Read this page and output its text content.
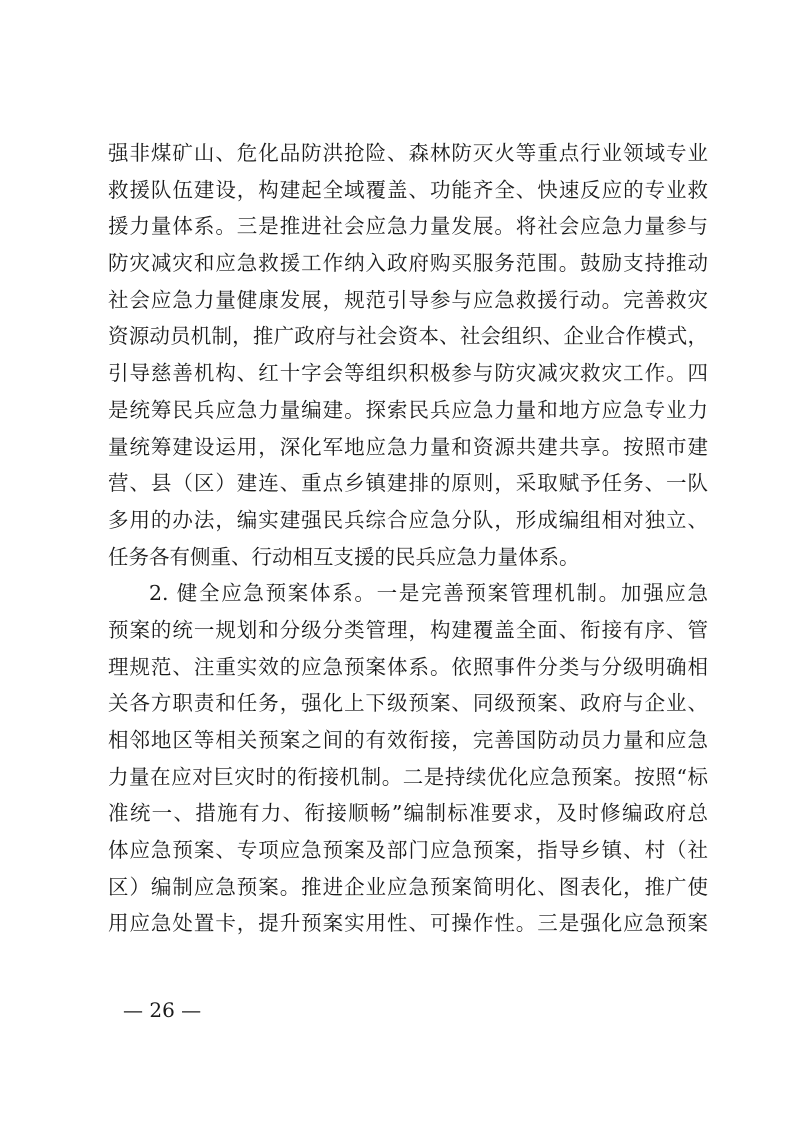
强非煤矿山、危化品防洪抢险、森林防灭火等重点行业领域专业
救援队伍建设，构建起全域覆盖、功能齐全、快速反应的专业救
援力量体系。三是推进社会应急力量发展。将社会应急力量参与
防灾减灾和应急救援工作纳入政府购买服务范围。鼓励支持推动
社会应急力量健康发展，规范引导参与应急救援行动。完善救灾
资源动员机制，推广政府与社会资本、社会组织、企业合作模式，
引导慈善机构、红十字会等组织积极参与防灾减灾救灾工作。四
是统筹民兵应急力量编建。探索民兵应急力量和地方应急专业力
量统筹建设运用，深化军地应急力量和资源共建共享。按照市建
营、县（区）建连、重点乡镇建排的原则，采取赋予任务、一队
多用的办法，编实建强民兵综合应急分队，形成编组相对独立、
任务各有侧重、行动相互支援的民兵应急力量体系。
2. 健全应急预案体系。一是完善预案管理机制。加强应急
预案的统一规划和分级分类管理，构建覆盖全面、衔接有序、管
理规范、注重实效的应急预案体系。依照事件分类与分级明确相
关各方职责和任务，强化上下级预案、同级预案、政府与企业、
相邻地区等相关预案之间的有效衔接，完善国防动员力量和应急
力量在应对巨灾时的衔接机制。二是持续优化应急预案。按照“标
准统一、措施有力、衔接顺畅”编制标准要求，及时修编政府总
体应急预案、专项应急预案及部门应急预案，指导乡镇、村（社
区）编制应急预案。推进企业应急预案简明化、图表化，推广使
用应急处置卡，提升预案实用性、可操作性。三是强化应急预案
— 26 —
